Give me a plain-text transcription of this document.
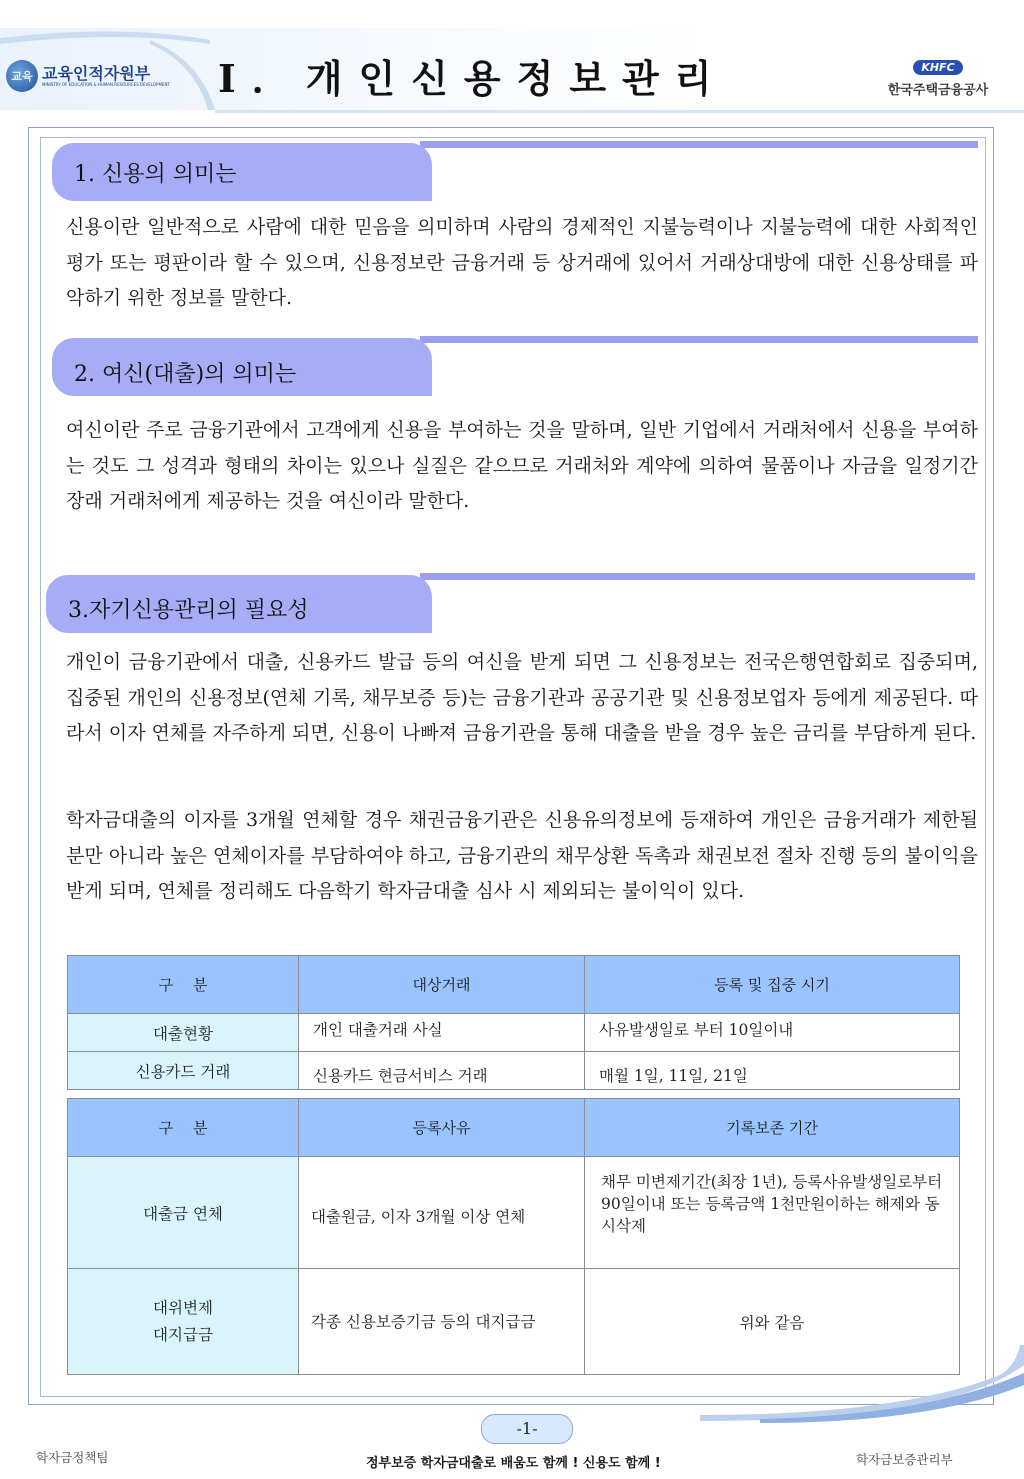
교육 교육인적자원부
MINISTRY OF EDUCATION & HUMAN RESOURCES DEVELOPMENT Ⅰ．개인신용정보관리	KHFC
한국주택금융공사
1. 신용의 의미는
신용이란 일반적으로 사람에 대한 믿음을 의미하며 사람의 경제적인 지불능력이나 지불능력에 대한 사회적인 평가 또는 평판이라 할 수 있으며, 신용정보란 금융거래 등 상거래에 있어서 거래상대방에 대한 신용상태를 파악하기 위한 정보를 말한다.
2. 여신(대출)의 의미는
여신이란 주로 금융기관에서 고객에게 신용을 부여하는 것을 말하며, 일반 기업에서 거래처에서 신용을 부여하는 것도 그 성격과 형태의 차이는 있으나 실질은 같으므로 거래처와 계약에 의하여 물품이나 자금을 일정기간 장래 거래처에게 제공하는 것을 여신이라 말한다.
3.자기신용관리의 필요성
개인이 금융기관에서 대출, 신용카드 발급 등의 여신을 받게 되면 그 신용정보는 전국은행연합회로 집중되며, 집중된 개인의 신용정보(연체 기록, 채무보증 등)는 금융기관과 공공기관 및 신용정보업자 등에게 제공된다. 따라서 이자 연체를 자주하게 되면, 신용이 나빠져 금융기관을 통해 대출을 받을 경우 높은 금리를 부담하게 된다.
학자금대출의 이자를 3개월 연체할 경우 채권금융기관은 신용유의정보에 등재하여 개인은 금융거래가 제한될 분만 아니라 높은 연체이자를 부담하여야 하고, 금융기관의 채무상환 독촉과 채권보전 절차 진행 등의 불이익을 받게 되며, 연체를 정리해도 다음학기 학자금대출 심사 시 제외되는 불이익이 있다.
구　 분	대상거래	등록 및 집중 시기
대출현황	개인 대출거래 사실	사유발생일로 부터 10일이내
신용카드 거래	신용카드 현금서비스 거래	매월 1일, 11일, 21일
구　 분	등록사유	기록보존 기간
대출금 연체	대출원금, 이자 3개월 이상 연체	채무 미변제기간(최장 1년), 등록사유발생일로부터 90일이내 또는 등록금액 1천만원이하는 해제와 동시삭제
대위변제
대지급금	각종 신용보증기금 등의 대지급금	위와 같음
-1-
학자금정책팀	정부보증 학자금대출로 배움도 함께 ! 신용도 함께 !	학자금보증관리부
